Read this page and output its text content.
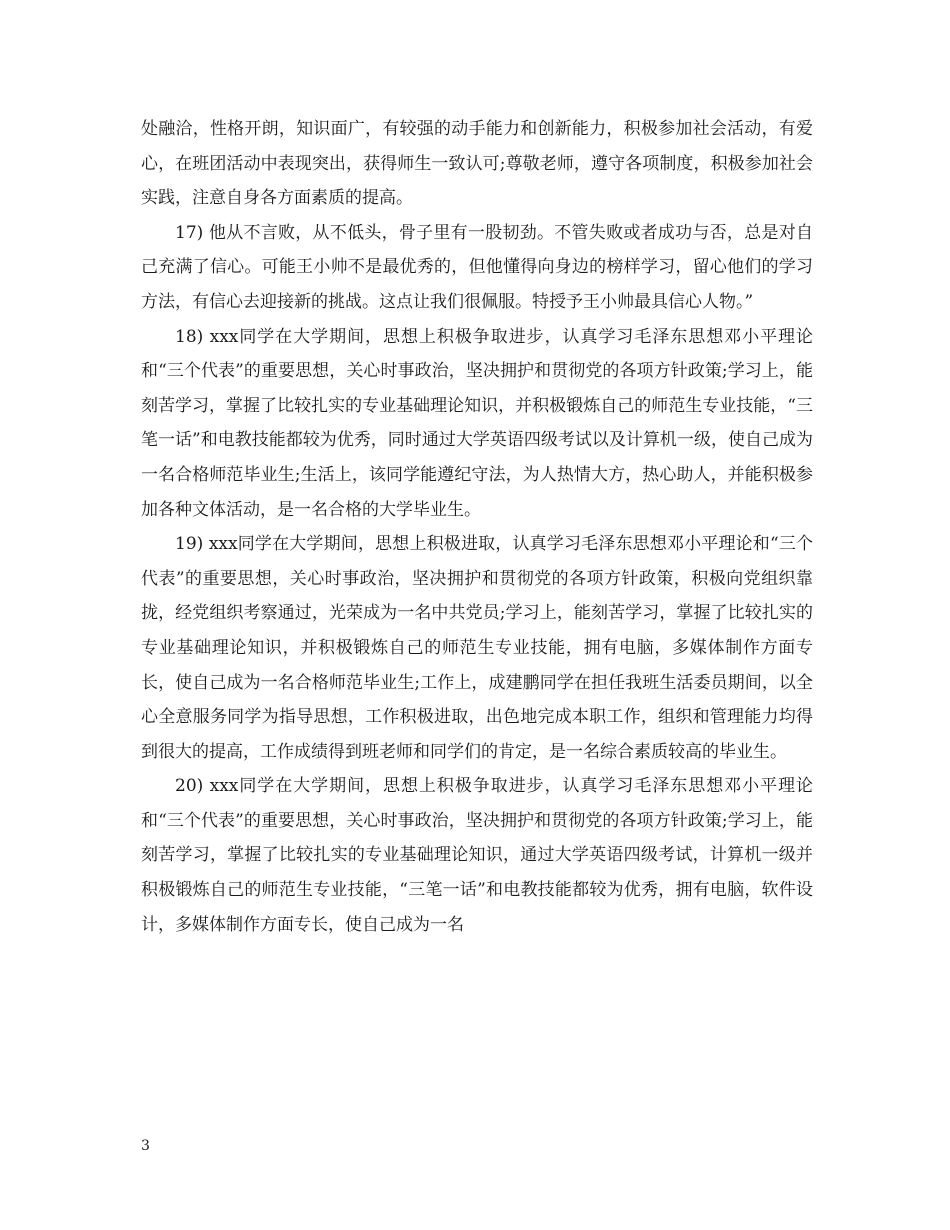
处融洽，性格开朗，知识面广，有较强的动手能力和创新能力，积极参加社会活动，有爱心，在班团活动中表现突出，获得师生一致认可;尊敬老师，遵守各项制度，积极参加社会实践，注意自身各方面素质的提高。

17) 他从不言败，从不低头，骨子里有一股韧劲。不管失败或者成功与否，总是对自己充满了信心。可能王小帅不是最优秀的，但他懂得向身边的榜样学习，留心他们的学习方法，有信心去迎接新的挑战。这点让我们很佩服。特授予王小帅最具信心人物。”

18) xxx同学在大学期间，思想上积极争取进步，认真学习毛泽东思想邓小平理论和“三个代表”的重要思想，关心时事政治，坚决拥护和贯彻党的各项方针政策;学习上，能刻苦学习，掌握了比较扎实的专业基础理论知识，并积极锻炼自己的师范生专业技能，“三笔一话”和电教技能都较为优秀，同时通过大学英语四级考试以及计算机一级，使自己成为一名合格师范毕业生;生活上，该同学能遵纪守法，为人热情大方，热心助人，并能积极参加各种文体活动，是一名合格的大学毕业生。

19) xxx同学在大学期间，思想上积极进取，认真学习毛泽东思想邓小平理论和“三个代表”的重要思想，关心时事政治，坚决拥护和贯彻党的各项方针政策，积极向党组织靠拢，经党组织考察通过，光荣成为一名中共党员;学习上，能刻苦学习，掌握了比较扎实的专业基础理论知识，并积极锻炼自己的师范生专业技能，拥有电脑，多媒体制作方面专长，使自己成为一名合格师范毕业生;工作上，成建鹏同学在担任我班生活委员期间，以全心全意服务同学为指导思想，工作积极进取，出色地完成本职工作，组织和管理能力均得到很大的提高，工作成绩得到班老师和同学们的肯定，是一名综合素质较高的毕业生。

20) xxx同学在大学期间，思想上积极争取进步，认真学习毛泽东思想邓小平理论和“三个代表”的重要思想，关心时事政治，坚决拥护和贯彻党的各项方针政策;学习上，能刻苦学习，掌握了比较扎实的专业基础理论知识，通过大学英语四级考试，计算机一级并积极锻炼自己的师范生专业技能，“三笔一话”和电教技能都较为优秀，拥有电脑，软件设计，多媒体制作方面专长，使自己成为一名

3
